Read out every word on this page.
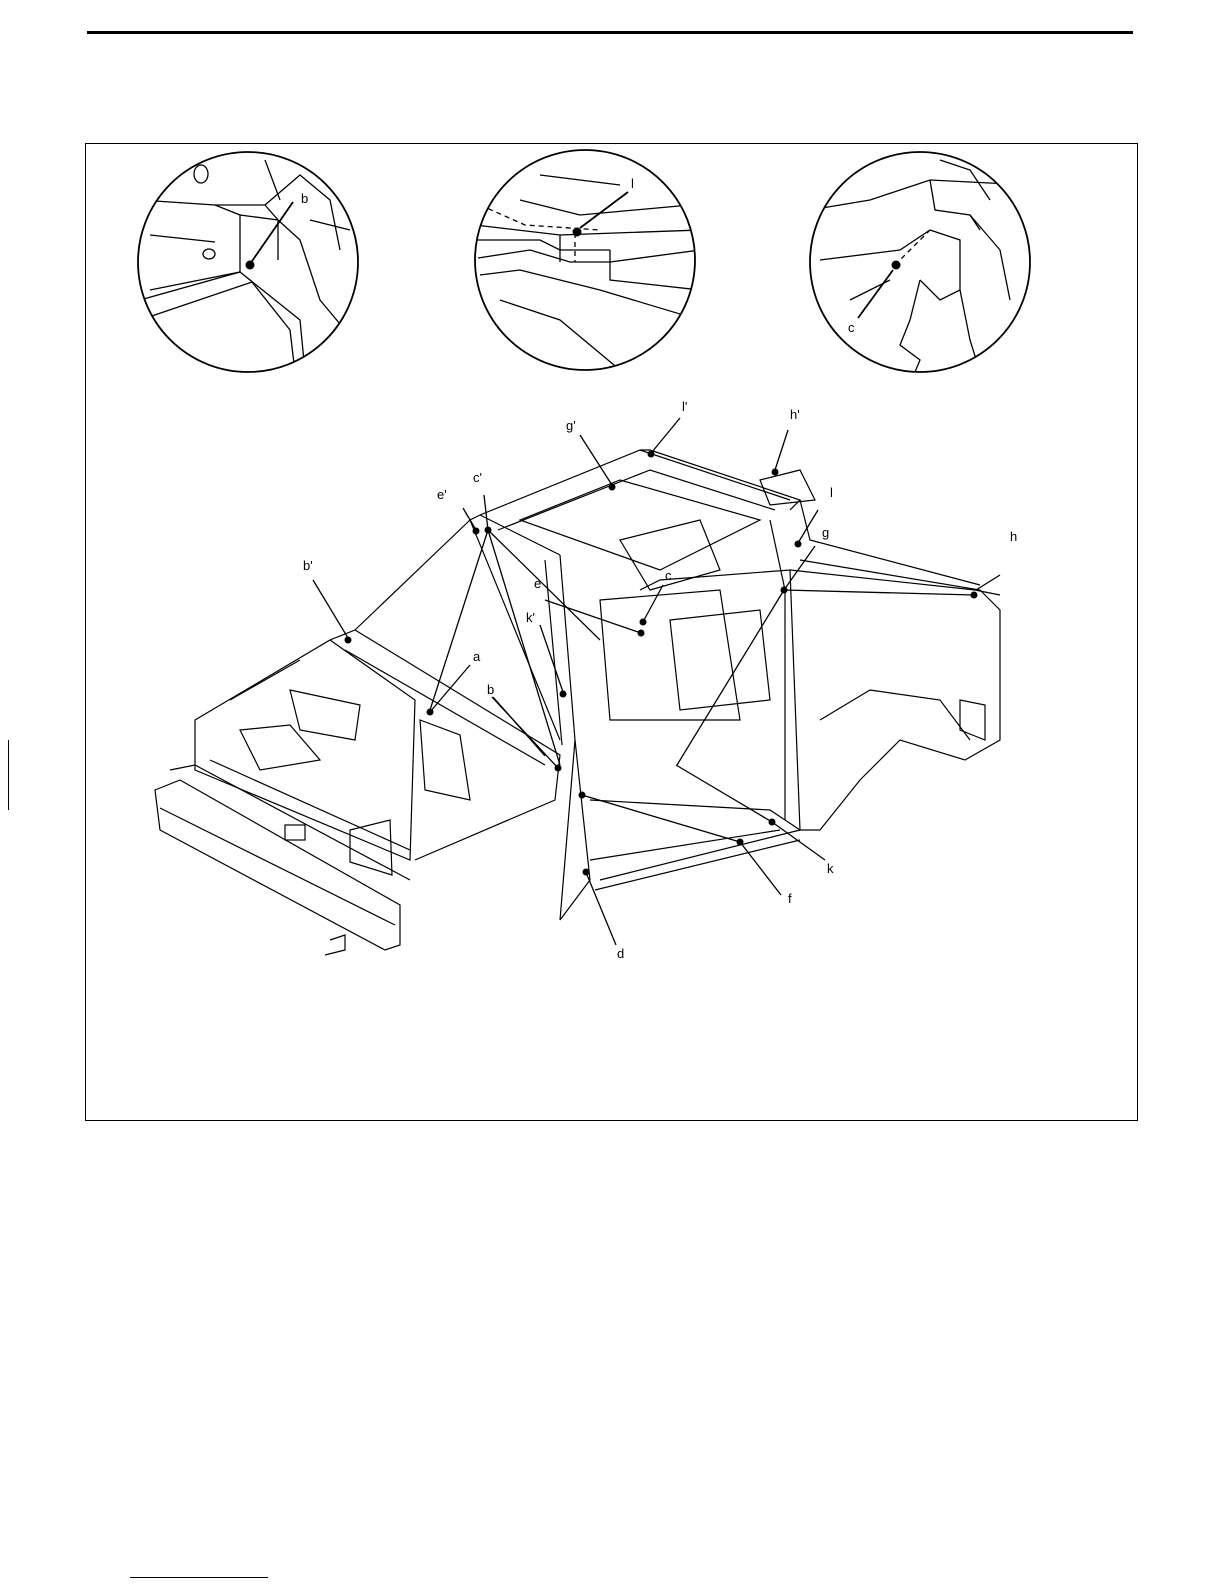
b
l
c
a
b
b'
c
c'
d
e
e'
f
g
g'
h
h'
k
k'
l
l'
